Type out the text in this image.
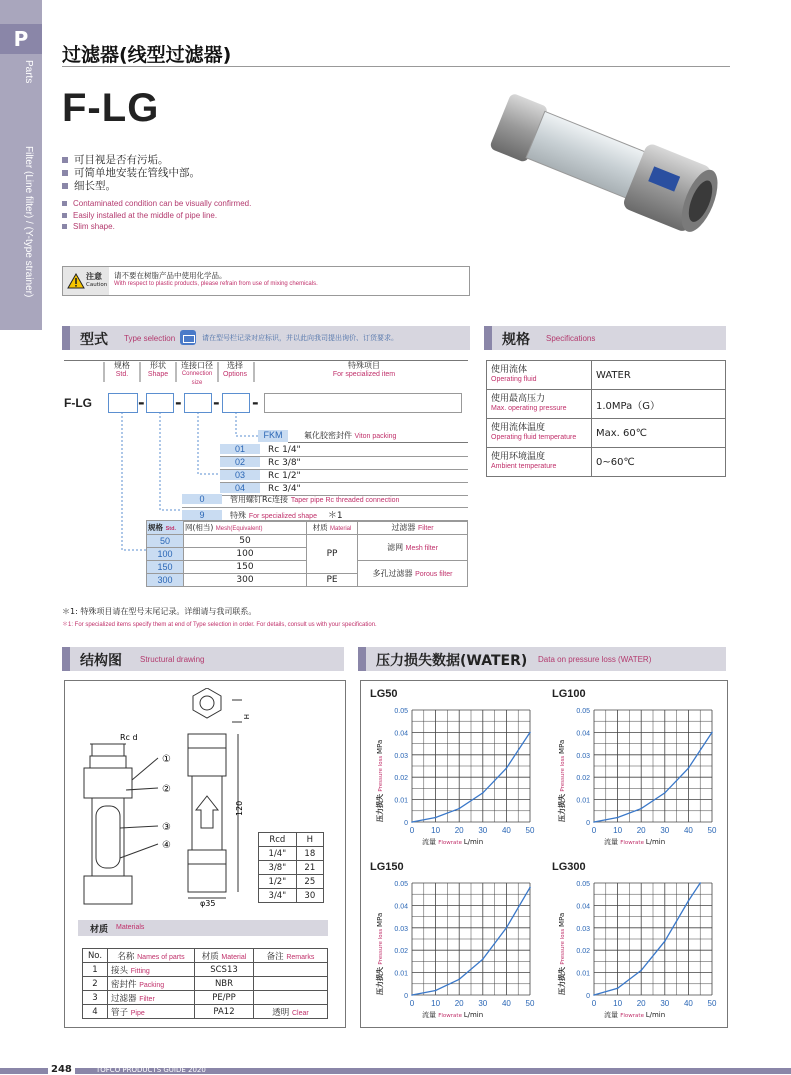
P
Parts
Filter (Line filter) / (Y-type strainer)
过滤器(线型过滤器)
F-LG
可目视是否有污垢。
可简单地安装在管线中部。
细长型。
Contaminated condition can be visually confirmed.
Easily installed at the middle of pipe line.
Slim shape.
注意
Caution
请不要在树脂产品中使用化学品。
With respect to plastic products, please refrain from use of mixing chemicals.
型式 Type selection	请在型号栏记录对应标识，并以此向我司提出询价、订货要求。
规格
Std.
形状
Shape
连接口径
Connection size
选择
Options
特殊项目
For specialized item
F-LG	- - - -
FKM	氟化胶密封件 Viton packing
01	Rc 1/4"
02	Rc 3/8"
03	Rc 1/2"
04	Rc 3/4"
0	管用螺钉Rc连接 Taper pipe Rc threaded connection
9	特殊 For specialized shape ＊1
规格 Std.	网(相当) Mesh(Equivalent)	材质 Material	过滤器 Filter
50	50	PP	滤网 Mesh filter
100	100		
150	150		多孔过滤器 Porous filter
300	300	PE	
＊1: 特殊项目请在型号末尾记录。详细请与我司联系。
＊1: For specialized items specify them at end of Type selection in order. For details, consult us with your specification.
规格 Specifications
使用流体
Operating fluid	WATER

使用最高压力
Max. operating pressure	1.0MPa（G）

使用流体温度
Operating fluid temperature	Max. 60℃

使用环境温度
Ambient temperature	0~60℃
结构图 Structural drawing
Rc d
①
②
③
④
H
120
φ35
Rcd	H
1/4"	18
3/8"	21
1/2"	25
3/4"	30
材质 Materials
No.	名称 Names of parts	材质 Material	备注 Remarks
1	接头 Fitting	SCS13	
2	密封件 Packing	NBR	
3	过滤器 Filter	PE/PP	
4	管子 Pipe	PA12	透明 Clear
压力损失数据(WATER) Data on pressure loss (WATER)
LG50
0 10 20 30 40 50
0
0.01
0.02
0.03
0.04
0.05
压力损失 Pressure loss MPa
流量 Flowrate L/min
LG100
0 10 20 30 40 50
0
0.01
0.02
0.03
0.04
0.05
压力损失 Pressure loss MPa
流量 Flowrate L/min
LG150
0 10 20 30 40 50
0
0.01
0.02
0.03
0.04
0.05
压力损失 Pressure loss MPa
流量 Flowrate L/min
LG300
0 10 20 30 40 50
0
0.01
0.02
0.03
0.04
0.05
压力损失 Pressure loss MPa
流量 Flowrate L/min
248	TOFCO PRODUCTS GUIDE 2020
